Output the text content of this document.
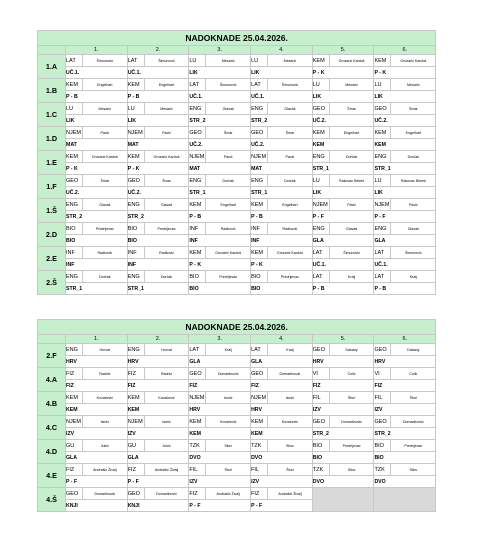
NADOKNADE 25.04.2026.												
	1.		2.		3.		4.		5.		6.	
1.A	LAT	Šimunović	LAT	Šimunović	LU	Mesarić	LU	Mesarić	KEM	Grozarić Kardoš	KEM	Grozarić Kardoš
	UČ.1.		UČ.1.		LIK		LIK		P - K		P - K	
1.B	KEM	Engelhart	KEM	Engelhart	LAT	Šimunović	LAT	Šimunović	LU	Mesarić	LU	Mesarić
	P - B		P - B		UČ.1.		UČ.1.		LIK		LIK	
1.C	LU	Mesarić	LU	Mesarić	ENG	Glavaš	ENG	Glavaš	GEO	Šmar	GEO	Šmar
	LIK		LIK		STR_2		STR_2		UČ.2.		UČ.2.	
1.D	NJEM	Pavić	NJEM	Pavić	GEO	Šmar	GEO	Šmar	KEM	Engelhart	KEM	Engelhart
	MAT		MAT		UČ.2.		UČ.2.		KEM		KEM	
1.E	KEM	Grozarić Kardoš	KEM	Grozarić Kardoš	NJEM	Pavić	NJEM	Pavić	ENG	Dorčak	ENG	Dorčak
	P - K		P - K		MAT		MAT		STR_1		STR_1	
1.F	GEO	Šmar	GEO	Šmar	ENG	Dorčak	ENG	Dorčak	LU	Rakovac Bekeš	LU	Rakovac Bekeš
	UČ.2.		UČ.2.		STR_1		STR_1		LIK		LIK	
1.Š	ENG	Glavaš	ENG	Glavaš	KEM	Engelhart	KEM	Engelhart	NJEM	Pavić	NJEM	Pavić
	STR_2		STR_2		P - B		P - B		P - F		P - F	
2.D	BIO	Predrijevac	BIO	Predrijevac	INF	Radković	INF	Radković	ENG	Glavaš	ENG	Glavaš
	BIO		BIO		INF		INF		GLA		GLA	
2.E	INF	Radković	INF	Radković	KEM	Grozarić Kardoš	KEM	Grozarić Kardoš	LAT	Šimunović	LAT	Šimunović
	INF		INF		P - K		P - K		UČ.1.		UČ.1.	
2.Š	ENG	Dorčak	ENG	Dorčak	BIO	Predrijevac	BIO	Predrijevac	LAT	Kralj	LAT	Kralj
	STR_1		STR_1		BIO		BIO		P - B		P - B	
NADOKNADE 25.04.2026.												
	1.		2.		3.		4.		5.		6.	
2.F	ENG	Horvat	ENG	Horvat	LAT	Kralj	LAT	Kralj	GEO	Dakany	GEO	Dakany
	HRV		HRV		GLA		GLA		HRV		HRV	
4.A	FIZ	Radnić	FIZ	Radnić	GEO	Domadinović	GEO	Domadinović	VI	Ćolić	VI	Ćolić
	FIZ		FIZ		FIZ		FIZ		FIZ		FIZ	
4.B	KEM	Kovačević	KEM	Kovačević	NJEM	Ismić	NJEM	Ismić	FIL	Šturi	FIL	Šturi
	KEM		KEM		HRV		HRV		IZV		IZV	
4.C	NJEM	Ismić	NJEM	Ismić	KEM	Kovačević	KEM	Kovačević	GEO	Domadinović	GEO	Domadinović
	IZV		IZV		KEM		KEM		STR_2		STR_2	
4.D	GU	Jukić	GU	Jukić	TZK	Silov	TZK	Silov	BIO	Predrijevac	BIO	Predrijevac
	GLA		GLA		DVO		DVO		BIO		BIO	
4.E	FIZ	Andrašić Živalj	FIZ	Andrašić Živalj	FIL	Šturi	FIL	Šturi	TZK	Silov	TZK	Silov
	P - F		P - F		IZV		IZV		DVO		DVO	
4.Š	GEO	Domadinović	GEO	Domadinović	FIZ	Andrašić Živalj	FIZ	Andrašić Živalj				
	KNJI		KNJI		P - F		P - F					
